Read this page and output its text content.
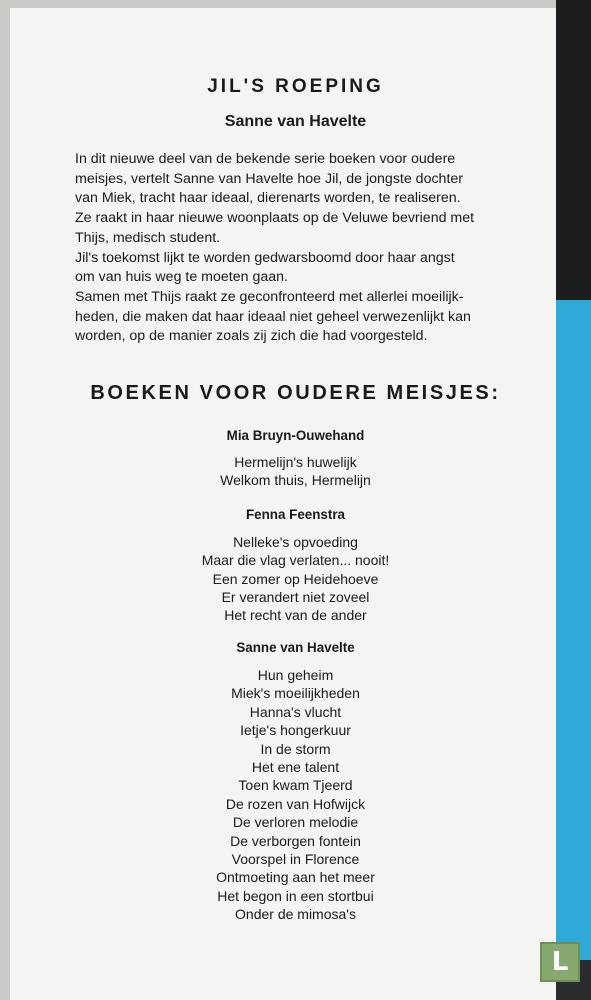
L
JIL'S ROEPING
Sanne van Havelte
In dit nieuwe deel van de bekende serie boeken voor oudere
meisjes, vertelt Sanne van Havelte hoe Jil, de jongste dochter
van Miek, tracht haar ideaal, dierenarts worden, te realiseren.
Ze raakt in haar nieuwe woonplaats op de Veluwe bevriend met
Thijs, medisch student.
Jil's toekomst lijkt te worden gedwarsboomd door haar angst
om van huis weg te moeten gaan.
Samen met Thijs raakt ze geconfronteerd met allerlei moeilijk-
heden, die maken dat haar ideaal niet geheel verwezenlijkt kan
worden, op de manier zoals zij zich die had voorgesteld.
BOEKEN VOOR OUDERE MEISJES:
Mia Bruyn-Ouwehand
Hermelijn's huwelijk
Welkom thuis, Hermelijn
Fenna Feenstra
Nelleke's opvoeding
Maar die vlag verlaten... nooit!
Een zomer op Heidehoeve
Er verandert niet zoveel
Het recht van de ander
Sanne van Havelte
Hun geheim
Miek's moeilijkheden
Hanna's vlucht
Ietje's hongerkuur
In de storm
Het ene talent
Toen kwam Tjeerd
De rozen van Hofwijck
De verloren melodie
De verborgen fontein
Voorspel in Florence
Ontmoeting aan het meer
Het begon in een stortbui
Onder de mimosa's
